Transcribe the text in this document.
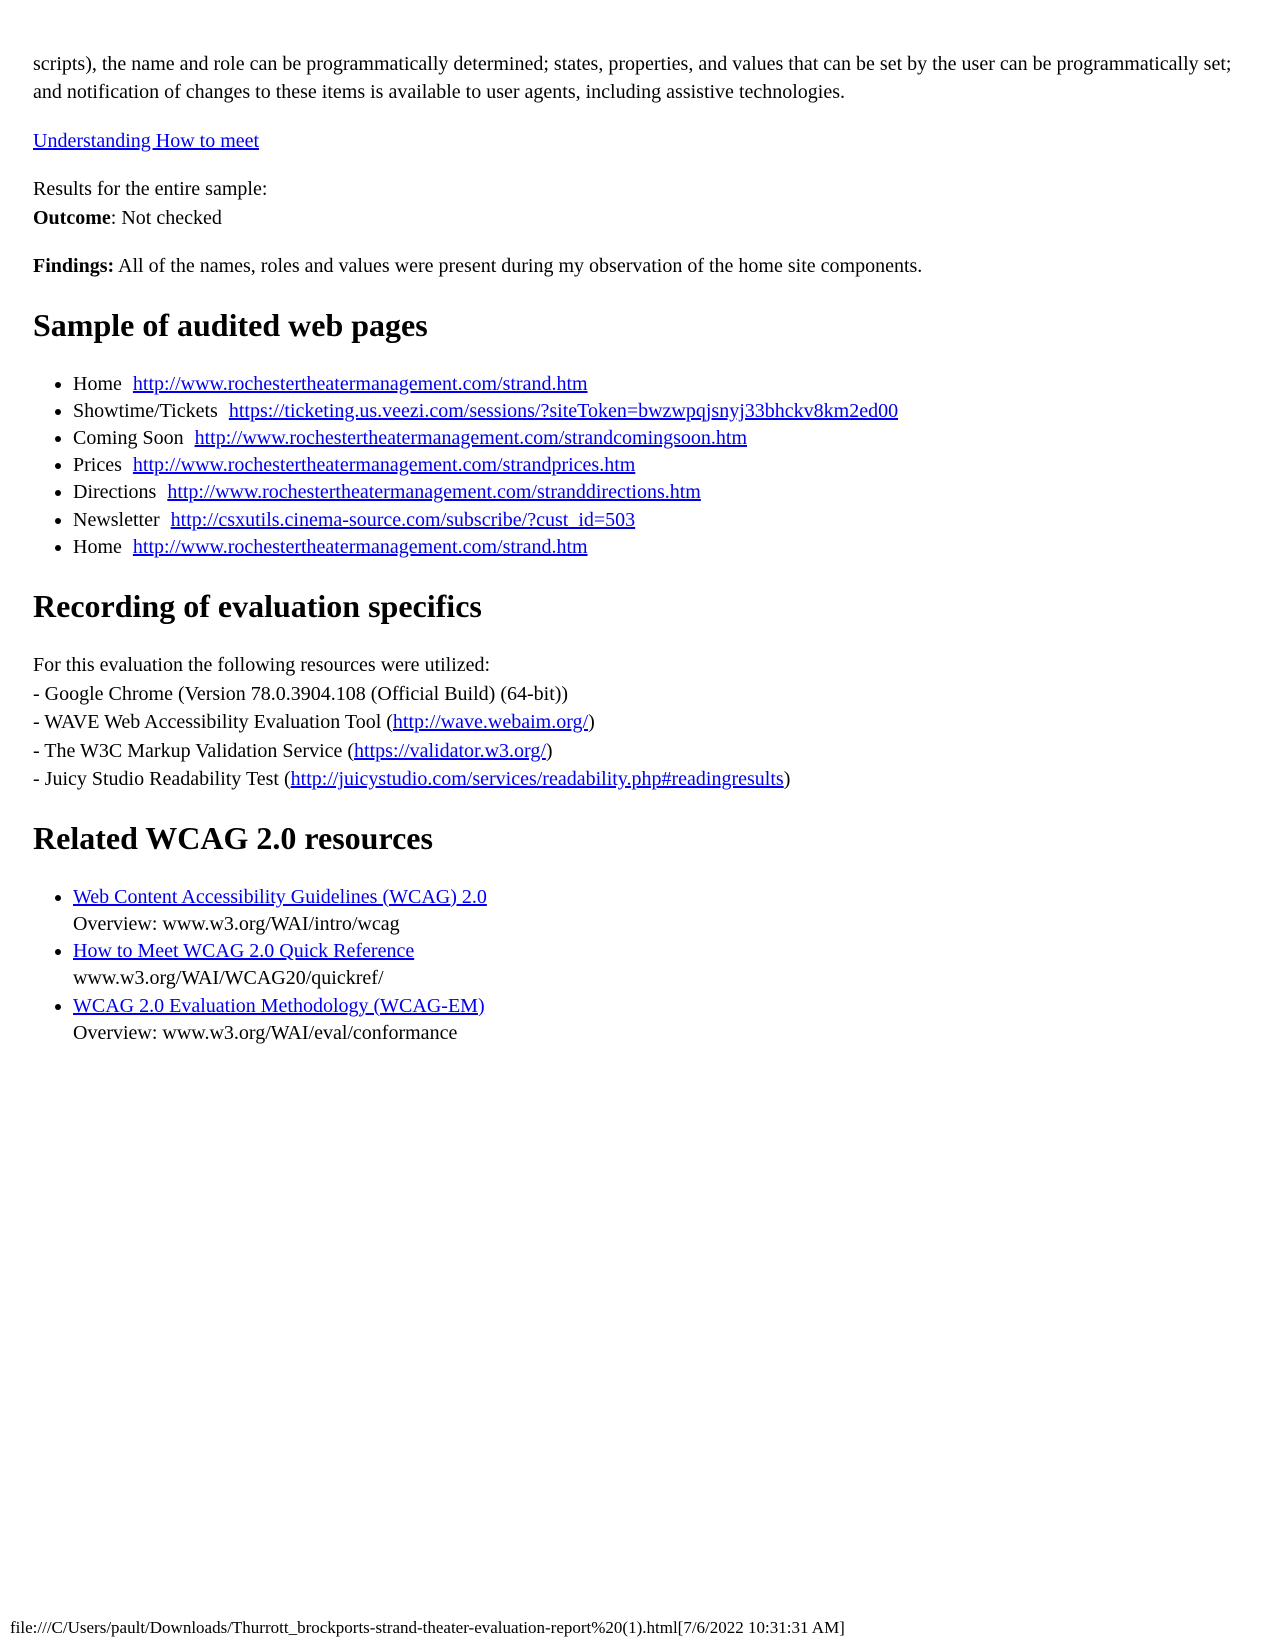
scripts), the name and role can be programmatically determined; states, properties, and values that can be set by the user can be programmatically set; and notification of changes to these items is available to user agents, including assistive technologies.

Understanding How to meet

Results for the entire sample:
Outcome: Not checked

Findings: All of the names, roles and values were present during my observation of the home site components.

Sample of audited web pages
• Home http://www.rochestertheatermanagement.com/strand.htm
• Showtime/Tickets https://ticketing.us.veezi.com/sessions/?siteToken=bwzwpqjsnyj33bhckv8km2ed00
• Coming Soon http://www.rochestertheatermanagement.com/strandcomingsoon.htm
• Prices http://www.rochestertheatermanagement.com/strandprices.htm
• Directions http://www.rochestertheatermanagement.com/stranddirections.htm
• Newsletter http://csxutils.cinema-source.com/subscribe/?cust_id=503
• Home http://www.rochestertheatermanagement.com/strand.htm
Recording of evaluation specifics

For this evaluation the following resources were utilized:
- Google Chrome (Version 78.0.3904.108 (Official Build) (64-bit))
- WAVE Web Accessibility Evaluation Tool (http://wave.webaim.org/)
- The W3C Markup Validation Service (https://validator.w3.org/)
- Juicy Studio Readability Test (http://juicystudio.com/services/readability.php#readingresults)

Related WCAG 2.0 resources
• Web Content Accessibility Guidelines (WCAG) 2.0
Overview: www.w3.org/WAI/intro/wcag
• How to Meet WCAG 2.0 Quick Reference
www.w3.org/WAI/WCAG20/quickref/
• WCAG 2.0 Evaluation Methodology (WCAG-EM)
Overview: www.w3.org/WAI/eval/conformance
file:///C/Users/pault/Downloads/Thurrott_brockports-strand-theater-evaluation-report%20(1).html[7/6/2022 10:31:31 AM]
